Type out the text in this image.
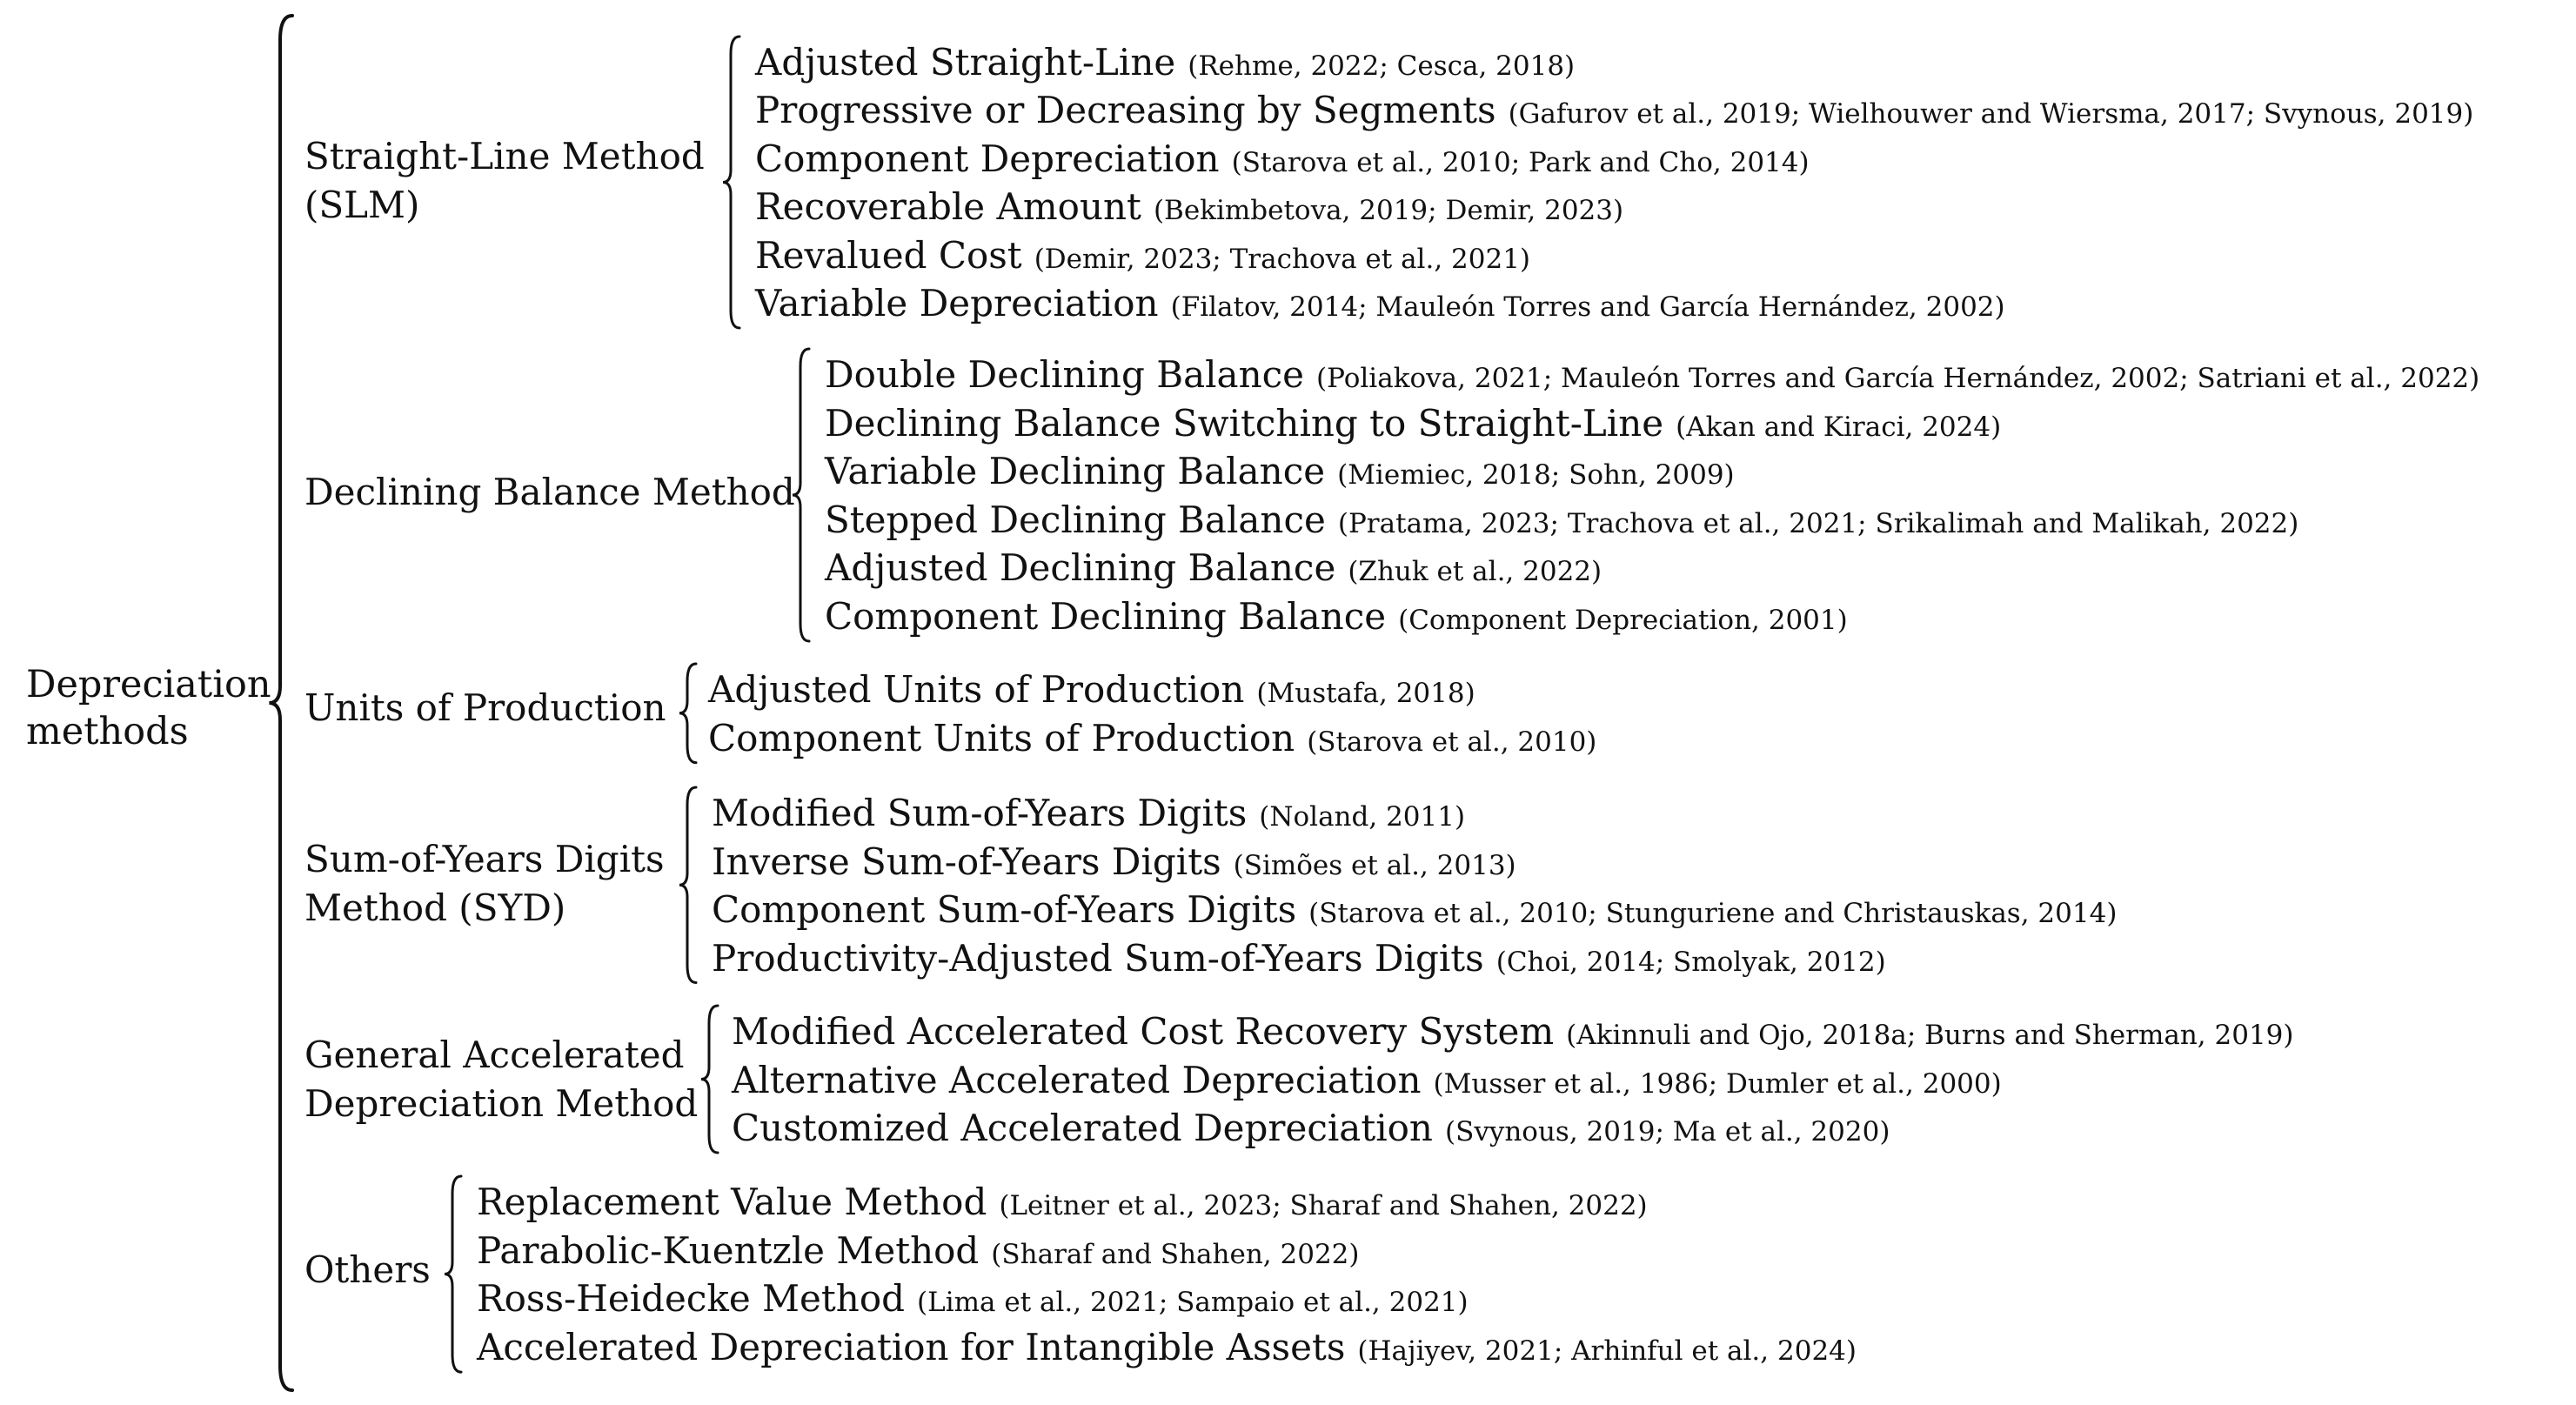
Depreciation
methods
Straight-Line Method
(SLM)
Adjusted Straight-Line (Rehme, 2022; Cesca, 2018)
Progressive or Decreasing by Segments (Gafurov et al., 2019; Wielhouwer and Wiersma, 2017; Svynous, 2019)
Component Depreciation (Starova et al., 2010; Park and Cho, 2014)
Recoverable Amount (Bekimbetova, 2019; Demir, 2023)
Revalued Cost (Demir, 2023; Trachova et al., 2021)
Variable Depreciation (Filatov, 2014; Mauleón Torres and García Hernández, 2002)
Declining Balance Method
Double Declining Balance (Poliakova, 2021; Mauleón Torres and García Hernández, 2002; Satriani et al., 2022)
Declining Balance Switching to Straight-Line (Akan and Kiraci, 2024)
Variable Declining Balance (Miemiec, 2018; Sohn, 2009)
Stepped Declining Balance (Pratama, 2023; Trachova et al., 2021; Srikalimah and Malikah, 2022)
Adjusted Declining Balance (Zhuk et al., 2022)
Component Declining Balance (Component Depreciation, 2001)
Units of Production Adjusted Units of Production (Mustafa, 2018)
Component Units of Production (Starova et al., 2010)
Sum-of-Years Digits
Method (SYD)
Modified Sum-of-Years Digits (Noland, 2011)
Inverse Sum-of-Years Digits (Simões et al., 2013)
Component Sum-of-Years Digits (Starova et al., 2010; Stunguriene and Christauskas, 2014)
Productivity-Adjusted Sum-of-Years Digits (Choi, 2014; Smolyak, 2012)
General Accelerated
Depreciation Method
Modified Accelerated Cost Recovery System (Akinnuli and Ojo, 2018a; Burns and Sherman, 2019)
Alternative Accelerated Depreciation (Musser et al., 1986; Dumler et al., 2000)
Customized Accelerated Depreciation (Svynous, 2019; Ma et al., 2020)
Others
Replacement Value Method (Leitner et al., 2023; Sharaf and Shahen, 2022)
Parabolic-Kuentzle Method (Sharaf and Shahen, 2022)
Ross-Heidecke Method (Lima et al., 2021; Sampaio et al., 2021)
Accelerated Depreciation for Intangible Assets (Hajiyev, 2021; Arhinful et al., 2024)
